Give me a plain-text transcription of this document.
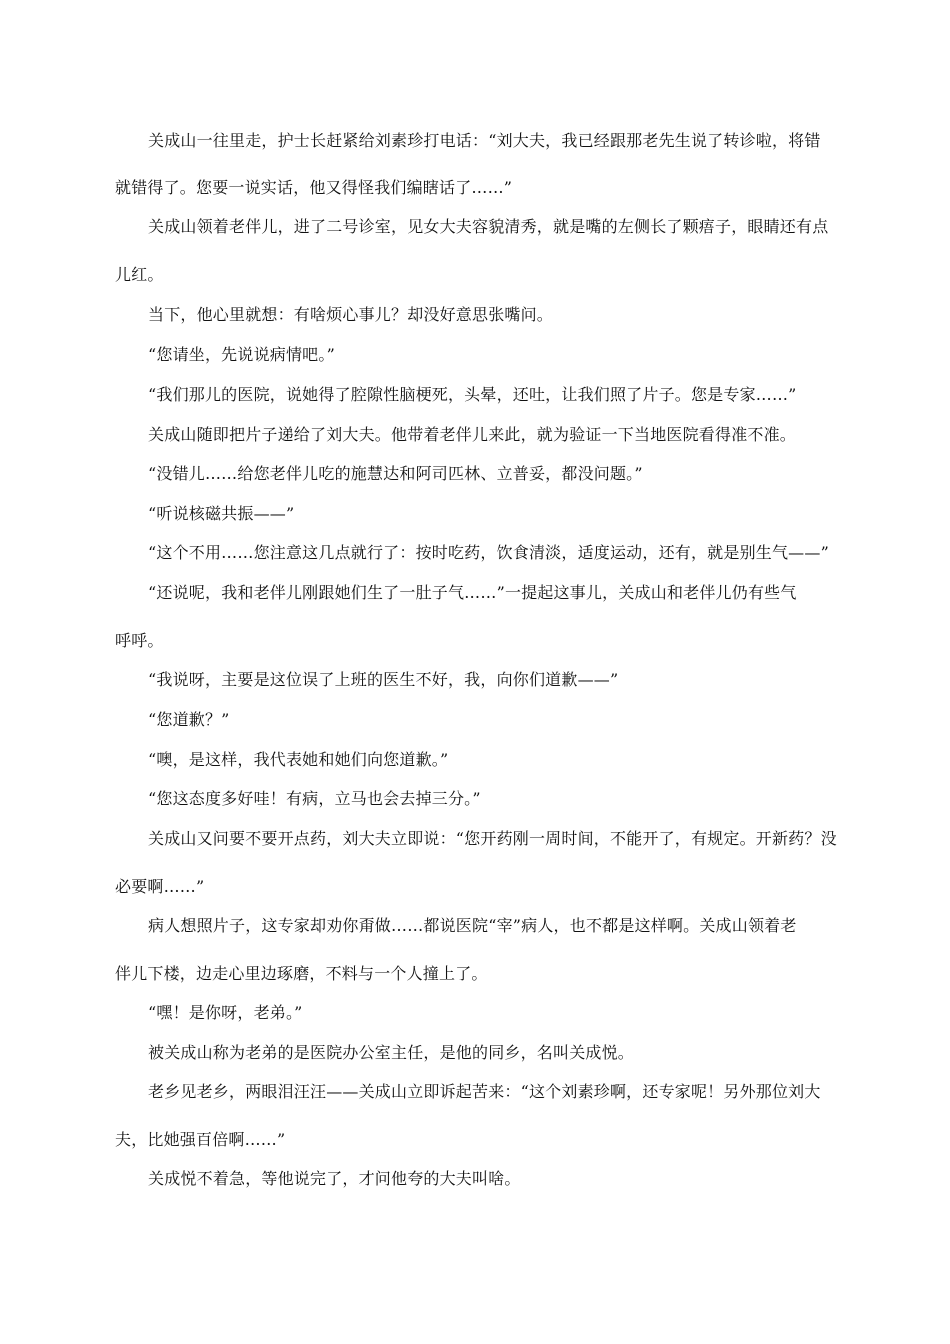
关成山一往里走，护士长赶紧给刘素珍打电话：“刘大夫，我已经跟那老先生说了转诊啦，将错
就错得了。您要一说实话，他又得怪我们编瞎话了……”
关成山领着老伴儿，进了二号诊室，见女大夫容貌清秀，就是嘴的左侧长了颗痦子，眼睛还有点
儿红。
当下，他心里就想：有啥烦心事儿？却没好意思张嘴问。
“您请坐，先说说病情吧。”
“我们那儿的医院，说她得了腔隙性脑梗死，头晕，还吐，让我们照了片子。您是专家……”
关成山随即把片子递给了刘大夫。他带着老伴儿来此，就为验证一下当地医院看得准不准。
“没错儿……给您老伴儿吃的施慧达和阿司匹林、立普妥，都没问题。”
“听说核磁共振——”
“这个不用……您注意这几点就行了：按时吃药，饮食清淡，适度运动，还有，就是别生气——”
“还说呢，我和老伴儿刚跟她们生了一肚子气……”一提起这事儿，关成山和老伴儿仍有些气
呼呼。
“我说呀，主要是这位误了上班的医生不好，我，向你们道歉——”
“您道歉？”
“噢，是这样，我代表她和她们向您道歉。”
“您这态度多好哇！有病，立马也会去掉三分。”
关成山又问要不要开点药，刘大夫立即说：“您开药刚一周时间，不能开了，有规定。开新药？没
必要啊……”
病人想照片子，这专家却劝你甭做……都说医院“宰”病人，也不都是这样啊。关成山领着老
伴儿下楼，边走心里边琢磨，不料与一个人撞上了。
“嘿！是你呀，老弟。”
被关成山称为老弟的是医院办公室主任，是他的同乡，名叫关成悦。
老乡见老乡，两眼泪汪汪——关成山立即诉起苦来：“这个刘素珍啊，还专家呢！另外那位刘大
夫，比她强百倍啊……”
关成悦不着急，等他说完了，才问他夸的大夫叫啥。
